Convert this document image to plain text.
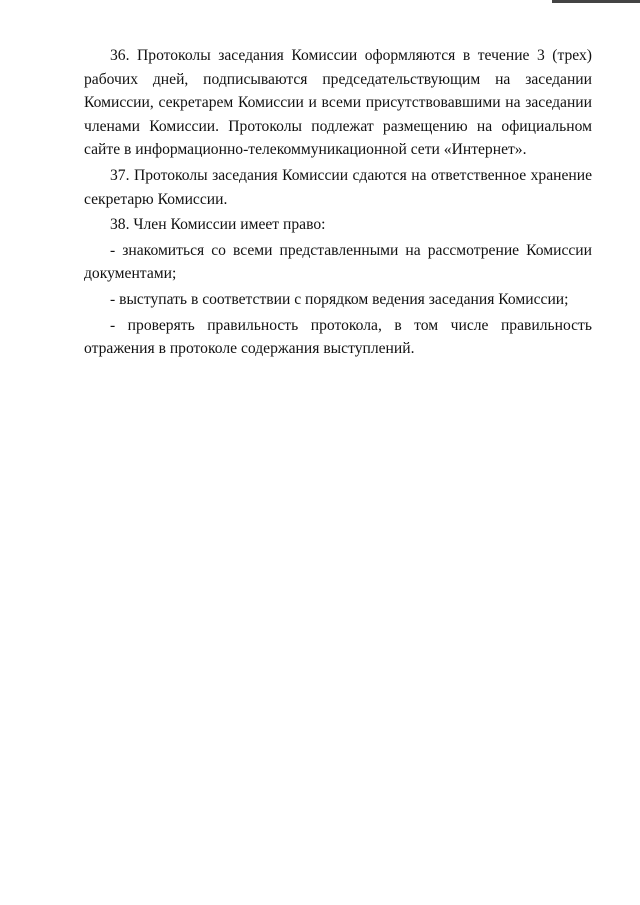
36. Протоколы заседания Комиссии оформляются в течение 3 (трех) рабочих дней, подписываются председательствующим на заседании Комиссии, секретарем Комиссии и всеми присутствовавшими на заседании членами Комиссии. Протоколы подлежат размещению на официальном сайте в информационно-телекоммуникационной сети «Интернет».

37. Протоколы заседания Комиссии сдаются на ответственное хранение секретарю Комиссии.

38. Член Комиссии имеет право:

- знакомиться со всеми представленными на рассмотрение Комиссии документами;

- выступать в соответствии с порядком ведения заседания Комиссии;

- проверять правильность протокола, в том числе правильность отражения в протоколе содержания выступлений.
